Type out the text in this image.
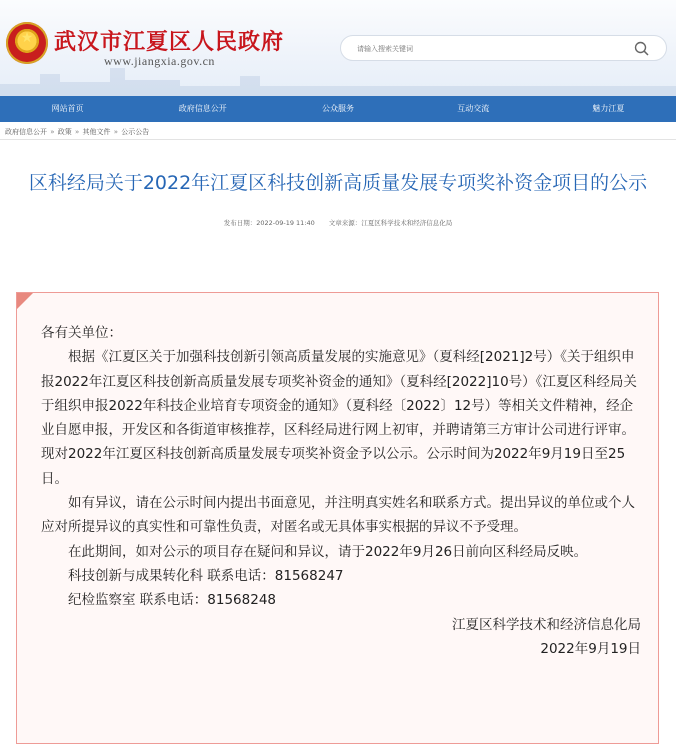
★ 武汉市江夏区人民政府
www.jiangxia.gov.cn
请输入搜索关键词
网站首页	政府信息公开	公众服务	互动交流	魅力江夏
政府信息公开 » 政策 » 其他文件 » 公示公告
区科经局关于2022年江夏区科技创新高质量发展专项奖补资金项目的公示
发布日期：2022-09-19 11:40 文章来源：江夏区科学技术和经济信息化局

各有关单位：

根据《江夏区关于加强科技创新引领高质量发展的实施意见》（夏科经[2021]2号）《关于组织申报2022年江夏区科技创新高质量发展专项奖补资金的通知》（夏科经[2022]10号）《江夏区科经局关于组织申报2022年科技企业培育专项资金的通知》（夏科经〔2022〕12号）等相关文件精神，经企业自愿申报，开发区和各街道审核推荐，区科经局进行网上初审，并聘请第三方审计公司进行评审。现对2022年江夏区科技创新高质量发展专项奖补资金予以公示。公示时间为2022年9月19日至25日。

如有异议，请在公示时间内提出书面意见，并注明真实姓名和联系方式。提出异议的单位或个人应对所提异议的真实性和可靠性负责，对匿名或无具体事实根据的异议不予受理。

在此期间，如对公示的项目存在疑问和异议，请于2022年9月26日前向区科经局反映。

科技创新与成果转化科 联系电话：81568247

纪检监察室 联系电话：81568248

江夏区科学技术和经济信息化局

2022年9月19日
